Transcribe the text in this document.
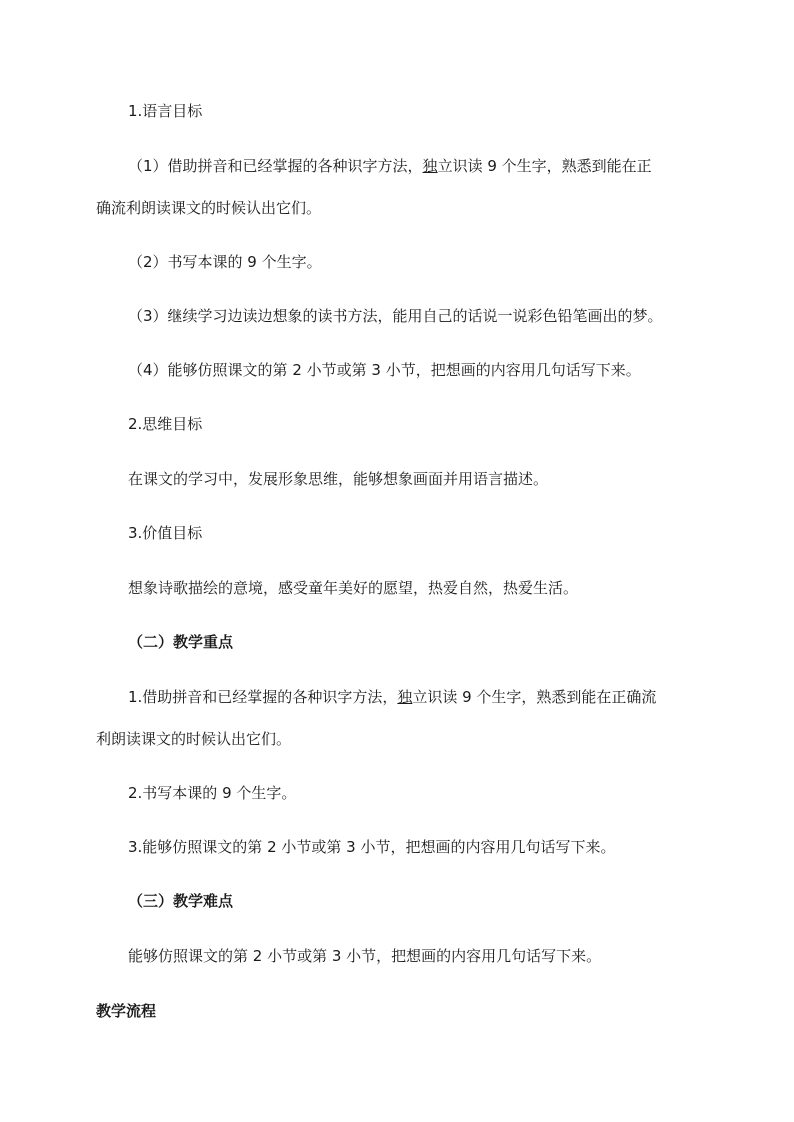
1.语言目标
（1）借助拼音和已经掌握的各种识字方法，独立识读 9 个生字，熟悉到能在正
确流利朗读课文的时候认出它们。
（2）书写本课的 9 个生字。
（3）继续学习边读边想象的读书方法，能用自己的话说一说彩色铅笔画出的梦。
（4）能够仿照课文的第 2 小节或第 3 小节，把想画的内容用几句话写下来。
2.思维目标
在课文的学习中，发展形象思维，能够想象画面并用语言描述。
3.价值目标
想象诗歌描绘的意境，感受童年美好的愿望，热爱自然，热爱生活。
（二）教学重点
1.借助拼音和已经掌握的各种识字方法，独立识读 9 个生字，熟悉到能在正确流
利朗读课文的时候认出它们。
2.书写本课的 9 个生字。
3.能够仿照课文的第 2 小节或第 3 小节，把想画的内容用几句话写下来。
（三）教学难点
能够仿照课文的第 2 小节或第 3 小节，把想画的内容用几句话写下来。
教学流程
